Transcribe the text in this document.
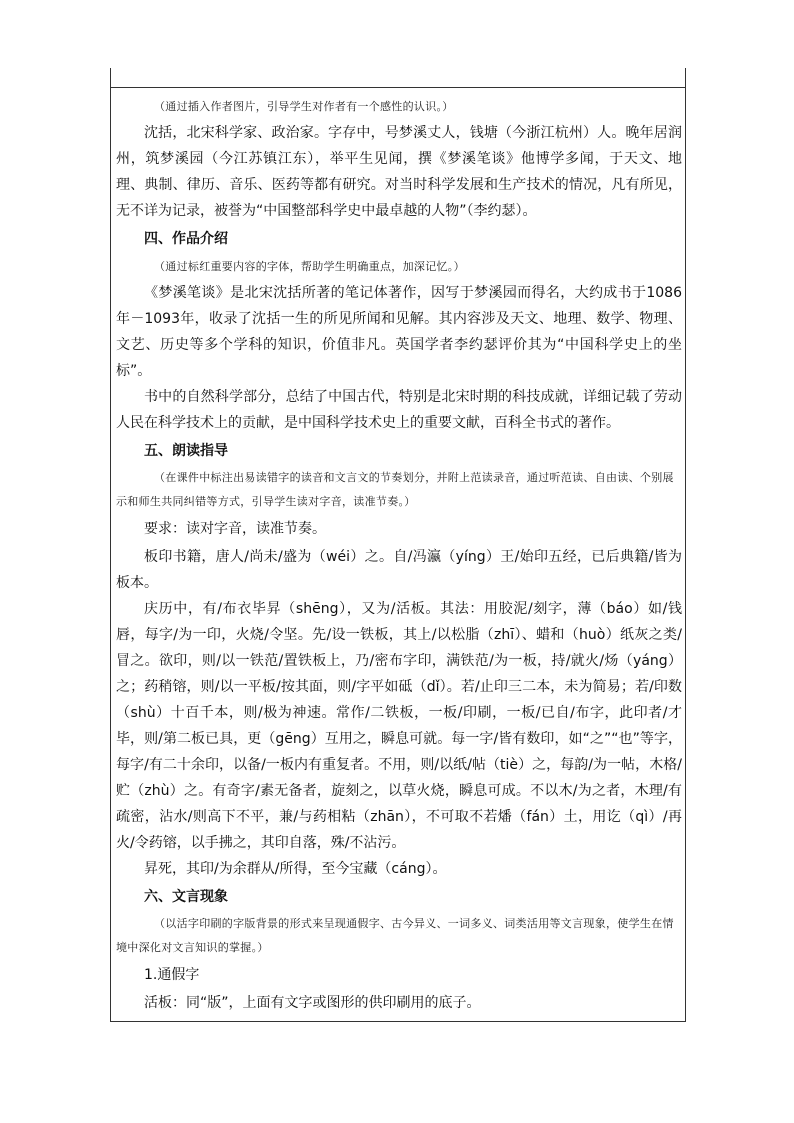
（通过插入作者图片，引导学生对作者有一个感性的认识。）

沈括，北宋科学家、政治家。字存中，号梦溪丈人，钱塘（今浙江杭州）人。晚年居润州，筑梦溪园（今江苏镇江东），举平生见闻，撰《梦溪笔谈》他博学多闻，于天文、地理、典制、律历、音乐、医药等都有研究。对当时科学发展和生产技术的情况，凡有所见，无不详为记录，被誉为“中国整部科学史中最卓越的人物”（李约瑟）。

四、作品介绍

（通过标红重要内容的字体，帮助学生明确重点，加深记忆。）

《梦溪笔谈》是北宋沈括所著的笔记体著作，因写于梦溪园而得名，大约成书于1086年－1093年，收录了沈括一生的所见所闻和见解。其内容涉及天文、地理、数学、物理、文艺、历史等多个学科的知识，价值非凡。英国学者李约瑟评价其为“中国科学史上的坐标”。

书中的自然科学部分，总结了中国古代，特别是北宋时期的科技成就，详细记载了劳动人民在科学技术上的贡献，是中国科学技术史上的重要文献，百科全书式的著作。

五、朗读指导

（在课件中标注出易读错字的读音和文言文的节奏划分，并附上范读录音，通过听范读、自由读、个别展示和师生共同纠错等方式，引导学生读对字音，读准节奏。）

要求：读对字音，读准节奏。

板印书籍，唐人/尚未/盛为（wéi）之。自/冯瀛（yíng）王/始印五经，已后典籍/皆为板本。

庆历中，有/布衣毕昇（shēng），又为/活板。其法：用胶泥/刻字，薄（báo）如/钱唇，每字/为一印，火烧/令坚。先/设一铁板，其上/以松脂（zhī）、蜡和（huò）纸灰之类/冒之。欲印，则/以一铁范/置铁板上，乃/密布字印，满铁范/为一板，持/就火/炀（yáng）之；药稍镕，则/以一平板/按其面，则/字平如砥（dǐ）。若/止印三二本，未为简易；若/印数（shù）十百千本，则/极为神速。常作/二铁板，一板/印刷，一板/已自/布字，此印者/才毕，则/第二板已具，更（gēng）互用之，瞬息可就。每一字/皆有数印，如“之”“也”等字，每字/有二十余印，以备/一板内有重复者。不用，则/以纸/帖（tiè）之，每韵/为一帖，木格/贮（zhù）之。有奇字/素无备者，旋刻之，以草火烧，瞬息可成。不以木/为之者，木理/有疏密，沾水/则高下不平，兼/与药相粘（zhān），不可取不若燔（fán）土，用讫（qì）/再火/令药镕，以手拂之，其印自落，殊/不沾污。

昇死，其印/为余群从/所得，至今宝藏（cáng）。

六、文言现象

（以活字印刷的字版背景的形式来呈现通假字、古今异义、一词多义、词类活用等文言现象，使学生在情境中深化对文言知识的掌握。）

1.通假字

活板：同“版”，上面有文字或图形的供印刷用的底子。
